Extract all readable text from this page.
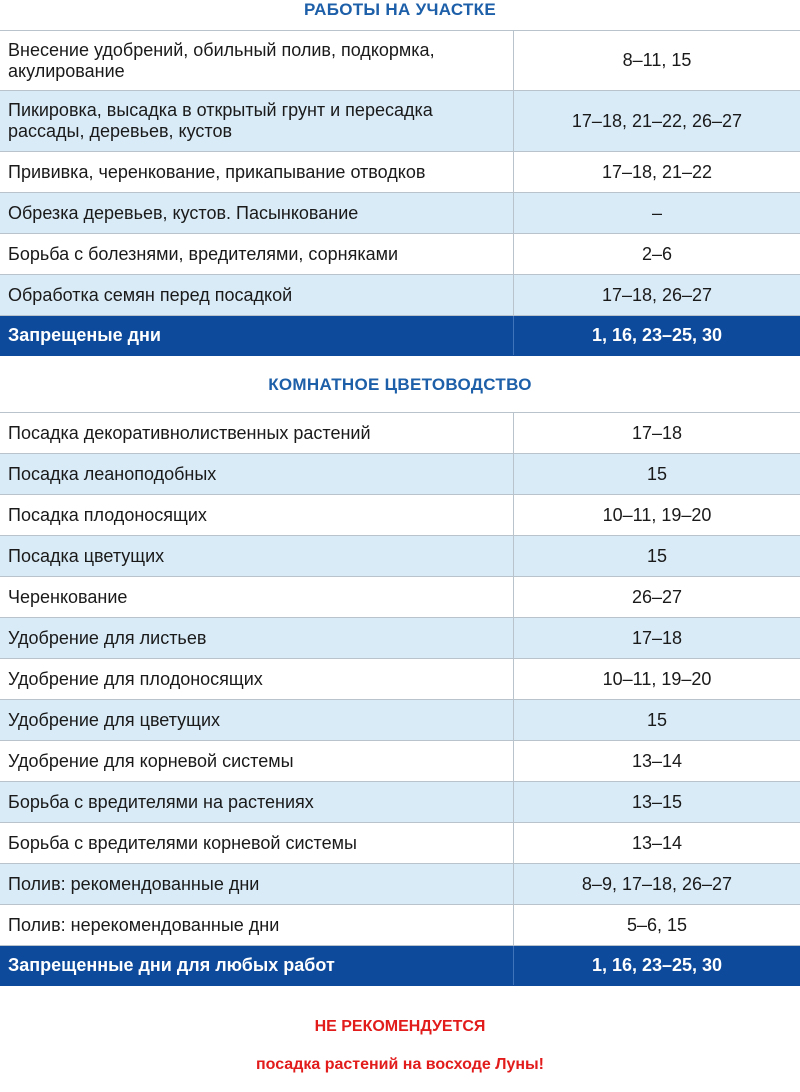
РАБОТЫ НА УЧАСТКЕ
Внесение удобрений, обильный полив, подкормка, акулирование	8–11, 15
Пикировка, высадка в открытый грунт и пересадка рассады, деревьев, кустов	17–18, 21–22, 26–27
Прививка, черенкование, прикапывание отводков	17–18, 21–22
Обрезка деревьев, кустов. Пасынкование	–
Борьба с болезнями, вредителями, сорняками	2–6
Обработка семян перед посадкой	17–18, 26–27
Запрещеные дни	1, 16, 23–25, 30
КОМНАТНОЕ ЦВЕТОВОДСТВО
Посадка декоративнолиственных растений	17–18
Посадка леаноподобных	15
Посадка плодоносящих	10–11, 19–20
Посадка цветущих	15
Черенкование	26–27
Удобрение для листьев	17–18
Удобрение для плодоносящих	10–11, 19–20
Удобрение для цветущих	15
Удобрение для корневой системы	13–14
Борьба с вредителями на растениях	13–15
Борьба с вредителями корневой системы	13–14
Полив: рекомендованные дни	8–9, 17–18, 26–27
Полив: нерекомендованные дни	5–6, 15
Запрещенные дни для любых работ	1, 16, 23–25, 30
НЕ РЕКОМЕНДУЕТСЯ
посадка растений на восходе Луны!
